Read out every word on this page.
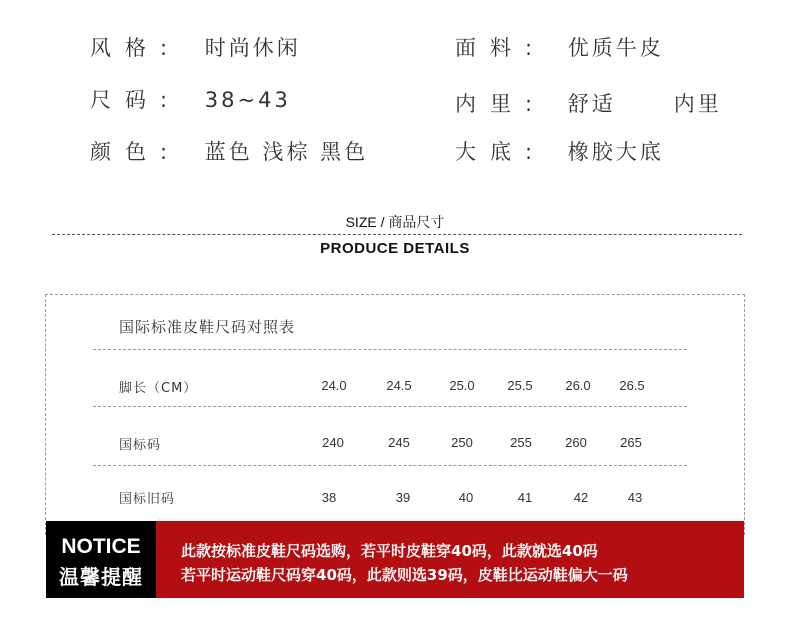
风格: 时尚休闲
尺码: 38~43
颜色: 蓝色 浅棕 黑色
面料: 优质牛皮
内里: 舒适	内里
大底: 橡胶大底
SIZE / 商品尺寸
PRODUCE DETAILS
国际标准皮鞋尺码对照表
脚长（CM）	24.0	24.5	25.0	25.5	26.0	26.5
国标码	240	245	250	255	260	265
国标旧码	38	39	40	41	42	43
NOTICE
温馨提醒
此款按标准皮鞋尺码选购，若平时皮鞋穿40码，此款就选40码
若平时运动鞋尺码穿40码，此款则选39码，皮鞋比运动鞋偏大一码
